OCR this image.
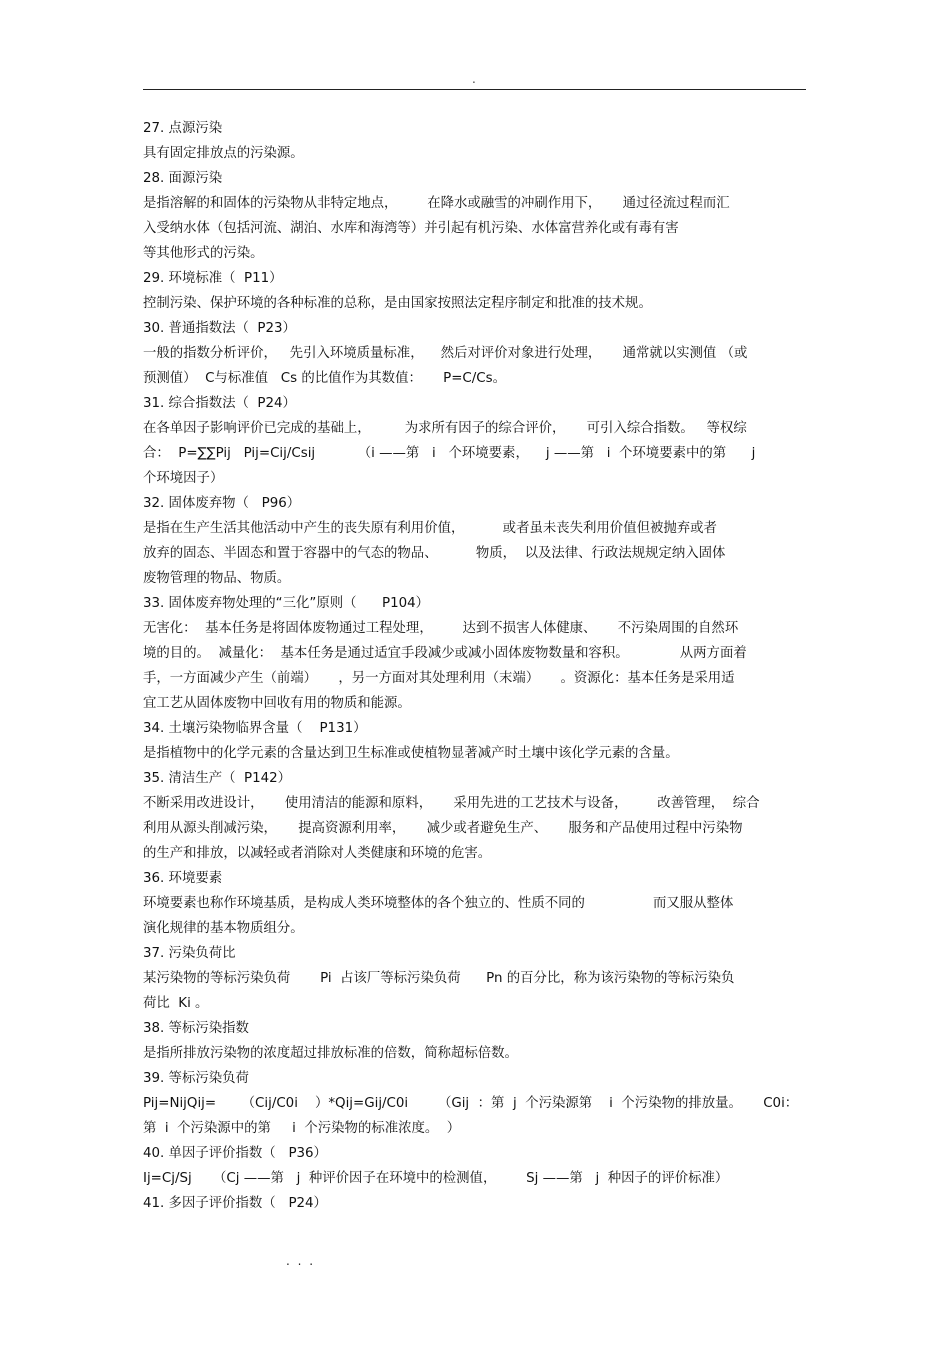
.
27. 点源污染
具有固定排放点的污染源。
28. 面源污染
是指溶解的和固体的污染物从非特定地点，       在降水或融雪的冲刷作用下，     通过径流过程而汇
入受纳水体（包括河流、湖泊、水库和海湾等）并引起有机污染、水体富营养化或有毒有害
等其他形式的污染。
29. 环境标准（  P11）
控制污染、保护环境的各种标准的总称，是由国家按照法定程序制定和批准的技术规。
30. 普通指数法（  P23）
一般的指数分析评价，   先引入环境质量标准，    然后对评价对象进行处理，     通常就以实测值 （或
预测值）  C与标准值   Cs 的比值作为其数值：     P=C/Cs。
31. 综合指数法（  P24）
在各单因子影响评价已完成的基础上，        为求所有因子的综合评价，     可引入综合指数。   等权综
合：  P=∑∑Pij   Pij=Cij/Csij          （i ——第   i   个环境要素，    j ——第   i  个环境要素中的第      j
个环境因子）
32. 固体废弃物（   P96）
是指在生产生活其他活动中产生的丧失原有利用价值，         或者虽未丧失利用价值但被抛弃或者
放弃的固态、半固态和置于容器中的气态的物品、         物质，  以及法律、行政法规规定纳入固体
废物管理的物品、物质。
33. 固体废弃物处理的“三化”原则（      P104）
无害化：  基本任务是将固体废物通过工程处理，       达到不损害人体健康、     不污染周围的自然环
境的目的。  减量化：  基本任务是通过适宜手段减少或减小固体废物数量和容积。            从两方面着
手，一方面减少产生（前端）     ，另一方面对其处理利用（末端）     。资源化：基本任务是采用适
宜工艺从固体废物中回收有用的物质和能源。
34. 土壤污染物临界含量（    P131）
是指植物中的化学元素的含量达到卫生标准或使植物显著减产时土壤中该化学元素的含量。
35. 清洁生产（  P142）
不断采用改进设计，     使用清洁的能源和原料，     采用先进的工艺技术与设备，       改善管理，  综合
利用从源头削减污染，     提高资源利用率，     减少或者避免生产、     服务和产品使用过程中污染物
的生产和排放，以减轻或者消除对人类健康和环境的危害。
36. 环境要素
环境要素也称作环境基质，是构成人类环境整体的各个独立的、性质不同的                而又服从整体
演化规律的基本物质组分。
37. 污染负荷比
某污染物的等标污染负荷       Pi  占该厂等标污染负荷      Pn 的百分比，称为该污染物的等标污染负
荷比  Ki 。
38. 等标污染指数
是指所排放污染物的浓度超过排放标准的倍数，简称超标倍数。
39. 等标污染负荷
Pij=NijQij=      （Cij/C0i    ）*Qij=Gij/C0i       （Gij  ：第  j  个污染源第    i  个污染物的排放量。     C0i：
第  i  个污染源中的第     i  个污染物的标准浓度。  ）
40. 单因子评价指数（   P36）
Ij=Cj/Sj     （Cj ——第   j  种评价因子在环境中的检测值，       Sj ——第   j  种因子的评价标准）
41. 多因子评价指数（   P24）
. . .
